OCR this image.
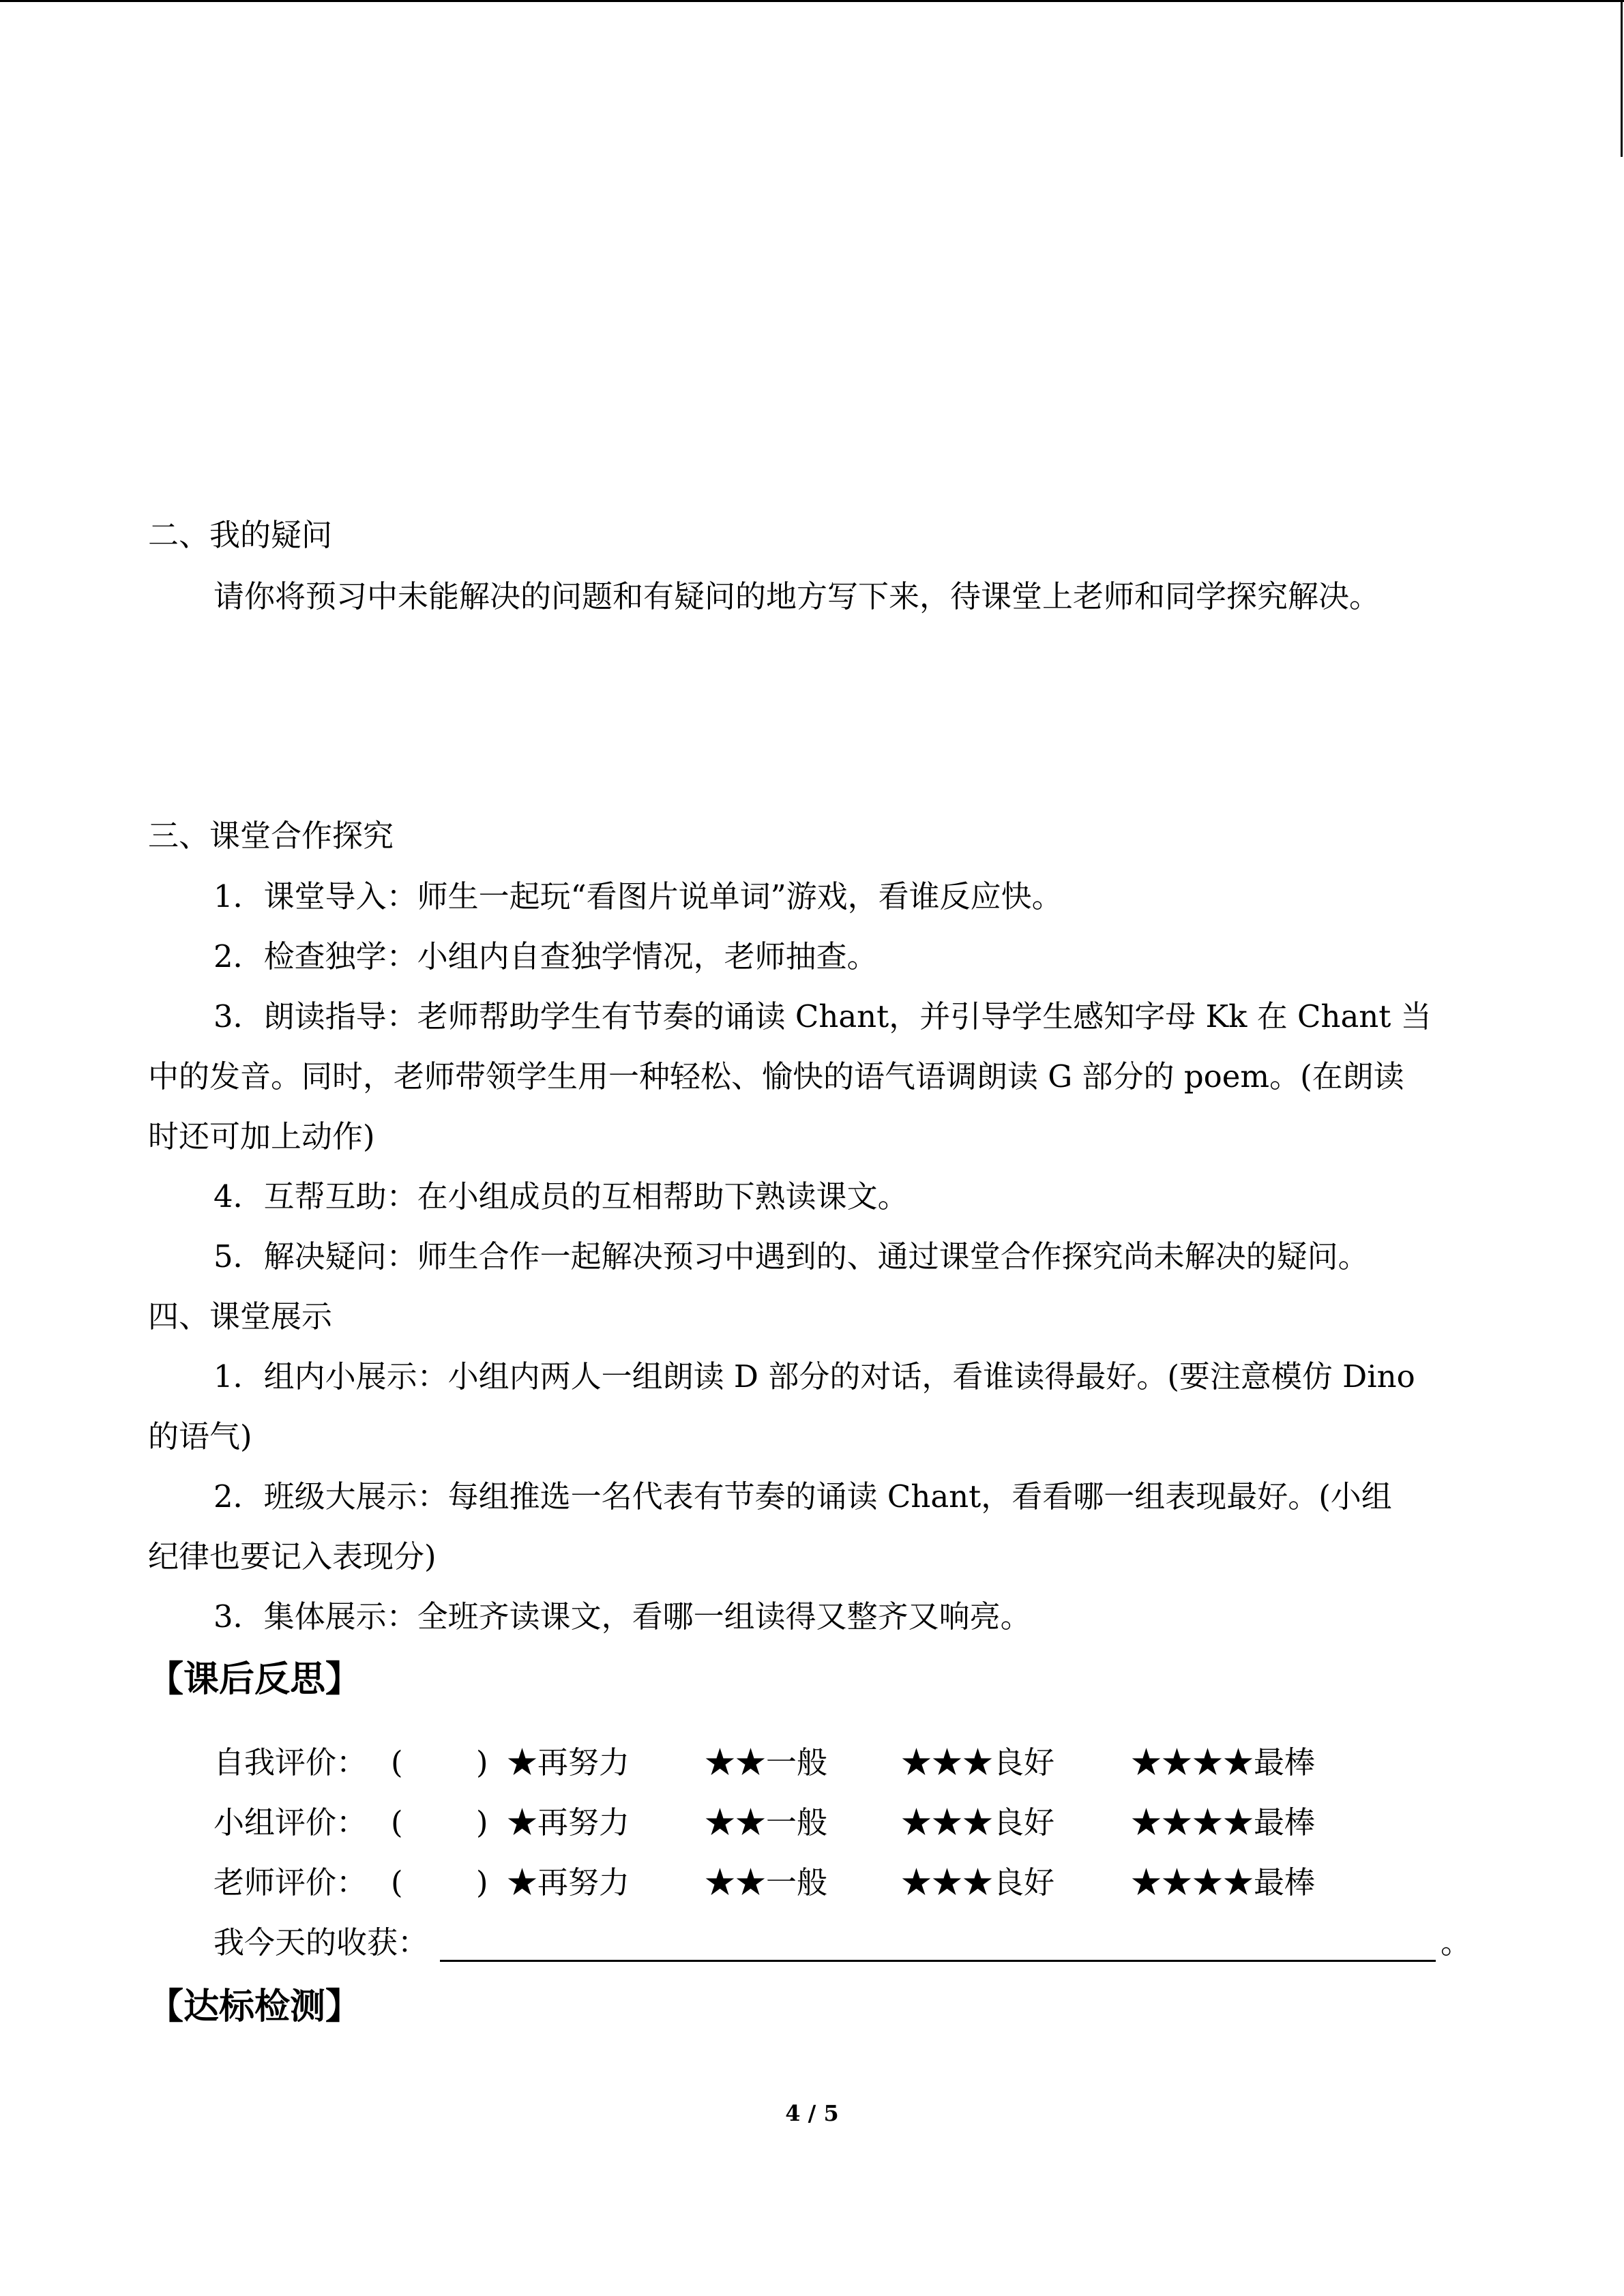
二、我的疑问
请你将预习中未能解决的问题和有疑问的地方写下来，待课堂上老师和同学探究解决。
三、课堂合作探究
1．课堂导入：师生一起玩“看图片说单词”游戏，看谁反应快。
2．检查独学：小组内自查独学情况，老师抽查。
3．朗读指导：老师帮助学生有节奏的诵读 Chant，并引导学生感知字母 Kk 在 Chant 当
中的发音。同时，老师带领学生用一种轻松、愉快的语气语调朗读 G 部分的 poem。(在朗读
时还可加上动作)
4．互帮互助：在小组成员的互相帮助下熟读课文。
5．解决疑问：师生合作一起解决预习中遇到的、通过课堂合作探究尚未解决的疑问。
四、课堂展示
1．组内小展示：小组内两人一组朗读 D 部分的对话，看谁读得最好。(要注意模仿 Dino
的语气)
2．班级大展示：每组推选一名代表有节奏的诵读 Chant，看看哪一组表现最好。(小组
纪律也要记入表现分)
3．集体展示：全班齐读课文，看哪一组读得又整齐又响亮。
【课后反思】
自我评价： ( ) ★再努力 ★★一般 ★★★良好 ★★★★最棒
小组评价： ( ) ★再努力 ★★一般 ★★★良好 ★★★★最棒
老师评价： ( ) ★再努力 ★★一般 ★★★良好 ★★★★最棒
我今天的收获：	。
【达标检测】
4 / 5
